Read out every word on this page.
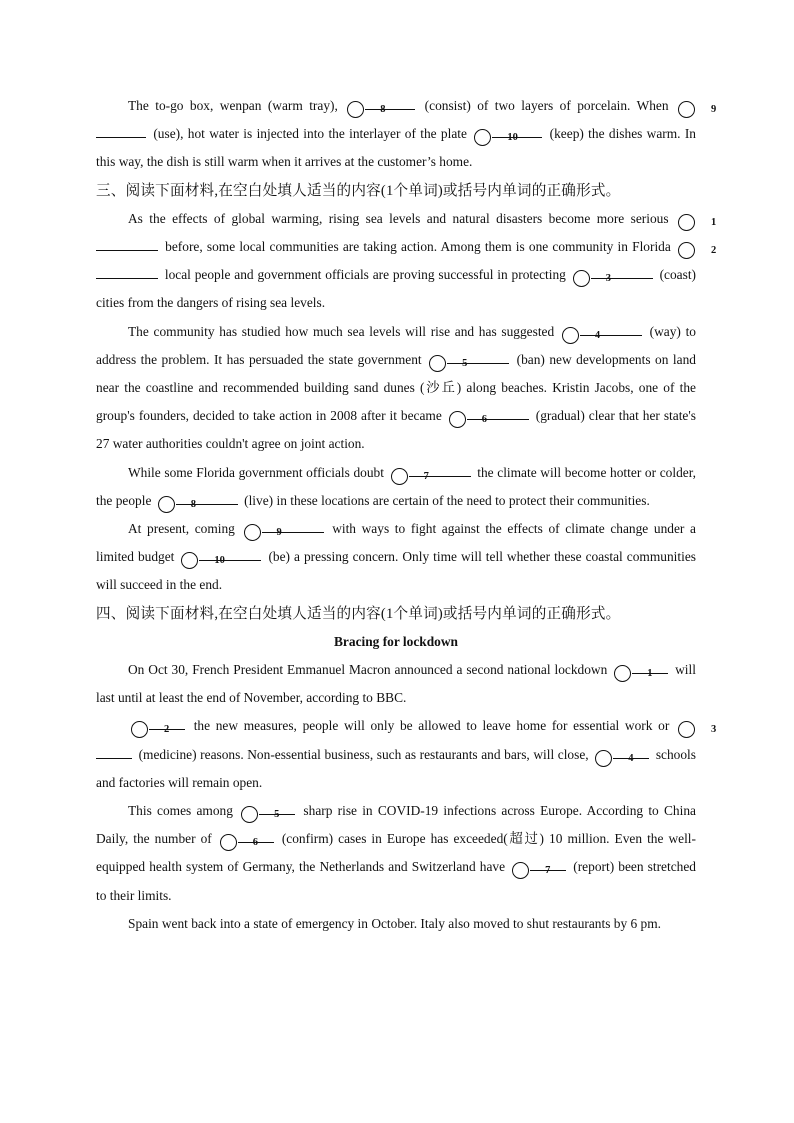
The to-go box, wenpan (warm tray),	8	(consist) of two layers of porcelain. When	9 (use), hot water is injected into the interlayer of the plate	10 (keep) the dishes warm. In this way, the dish is still warm when it arrives at the customer’s home.

三、阅读下面材料,在空白处填人适当的内容(1个单词)或括号内单词的正确形式。

As the effects of global warming, rising sea levels and natural disasters become more serious	1 before, some local communities are taking action. Among them is one community in Florida	2 local people and government officials are proving successful in protecting	3	(coast) cities from the dangers of rising sea levels.

The community has studied how much sea levels will rise and has suggested	4	(way) to address the problem. It has persuaded the state government	5	(ban) new developments on land near the coastline and recommended building sand dunes (沙丘) along beaches. Kristin Jacobs, one of the group's founders, decided to take action in 2008 after it became	6	(gradual) clear that her state's 27 water authorities couldn't agree on joint action.

While some Florida government officials doubt	7	the climate will become hotter or colder, the people	8	(live) in these locations are certain of the need to protect their communities.

At present, coming	9	with ways to fight against the effects of climate change under a limited budget	10	(be) a pressing concern. Only time will tell whether these coastal communities will succeed in the end.

四、阅读下面材料,在空白处填人适当的内容(1个单词)或括号内单词的正确形式。

Bracing for lockdown

On Oct 30, French President Emmanuel Macron announced a second national lockdown	1 will last until at least the end of November, according to BBC.

2 the new measures, people will only be allowed to leave home for essential work or	3 (medicine) reasons. Non-essential business, such as restaurants and bars, will close,	4 schools and factories will remain open.

This comes among	5 sharp rise in COVID-19 infections across Europe. According to China Daily, the number of	6 (confirm) cases in Europe has exceeded(超过) 10 million. Even the well-equipped health system of Germany, the Netherlands and Switzerland have	7 (report) been stretched to their limits.

Spain went back into a state of emergency in October. Italy also moved to shut restaurants by 6 pm.
